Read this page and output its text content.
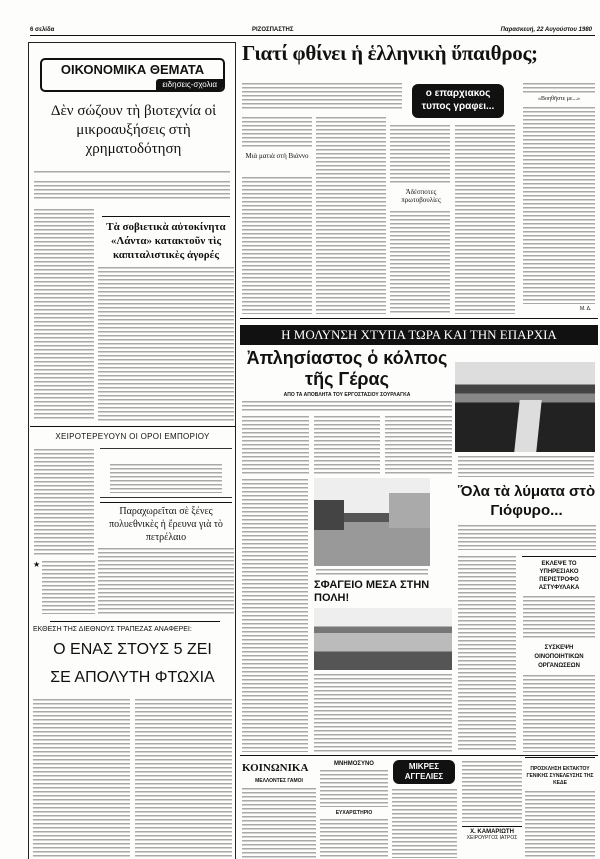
6 σελίδα	ΡΙΖΟΣΠΑΣΤΗΣ	Παρασκευή, 22 Αυγούστου 1980
ΟΙΚΟΝΟΜΙΚΑ ΘΕΜΑΤΑ
ειδησεις-σχολια
Δὲν σώζουν τὴ βιοτεχνία οἱ μικροαυξήσεις στὴ χρηματοδότηση
Τὰ σοβιετικὰ αὐτοκίνητα «Λάντα» κατακτοῦν τὶς καπιταλιστικὲς ἀγορές
ΧΕΙΡΟΤΕΡΕΥΟΥΝ ΟΙ ΟΡΟΙ ΕΜΠΟΡΙΟΥ
Παραχωρεῖται σὲ ξένες πολυεθνικὲς ἡ ἔρευνα γιὰ τὸ πετρέλαιο
★
ΕΚΘΕΣΗ ΤΗΣ ΔΙΕΘΝΟΥΣ ΤΡΑΠΕΖΑΣ ΑΝΑΦΕΡΕΙ:
Ο ΕΝΑΣ ΣΤΟΥΣ 5 ΖΕΙ
ΣΕ ΑΠΟΛΥΤΗ ΦΤΩΧΙΑ
Γιατί φθίνει ἡ ἑλληνικὴ ὕπαιθρος;
ο επαρχιακος τυπος γραφει...
Μιὰ ματιὰ στὴ Βιάννο
Ἀδέσποτες πρωτοβουλίες
«Βοηθῆστε με...»
Μ. Δ.
Η ΜΟΛΥΝΣΗ ΧΤΥΠΑ ΤΩΡΑ ΚΑΙ ΤΗΝ ΕΠΑΡΧΙΑ
Ἀπλησίαστος ὁ κόλπος τῆς Γέρας
ΑΠΟ ΤΑ ΑΠΟΒΛΗΤΑ ΤΟΥ ΕΡΓΟΣΤΑΣΙΟΥ ΣΟΥΡΛΑΓΚΑ
Ὅλα τὰ λύματα στὸ Γιόφυρο...
ΣΦΑΓΕΙΟ ΜΕΣΑ ΣΤΗΝ ΠΟΛΗ!
ΕΚΛΕΨΕ ΤΟ ΥΠΗΡΕΣΙΑΚΟ ΠΕΡΙΣΤΡΟΦΟ ΑΣΤΥΦΥΛΑΚΑ
ΣΥΣΚΕΨΗ ΟΙΝΟΠΟΙΗΤΙΚΩΝ ΟΡΓΑΝΩΣΕΩΝ
ΚΟΙΝΩΝΙΚΑ
ΜΕΛΛΟΝΤΕΣ ΓΑΜΟΙ
ΜΝΗΜΟΣΥΝΟ
ΕΥΧΑΡΙΣΤΗΡΙΟ
ΜΙΚΡΕΣ ΑΓΓΕΛΙΕΣ
Χ. ΚΑΜΑΡΙΩΤΗ
ΧΕΙΡΟΥΡΓΟΣ ΙΑΤΡΟΣ
ΠΡΟΣΚΛΗΣΗ ΕΚΤΑΚΤΟΥ ΓΕΝΙΚΗΣ ΣΥΝΕΛΕΥΣΗΣ ΤΗΣ ΚΕΔΕ
